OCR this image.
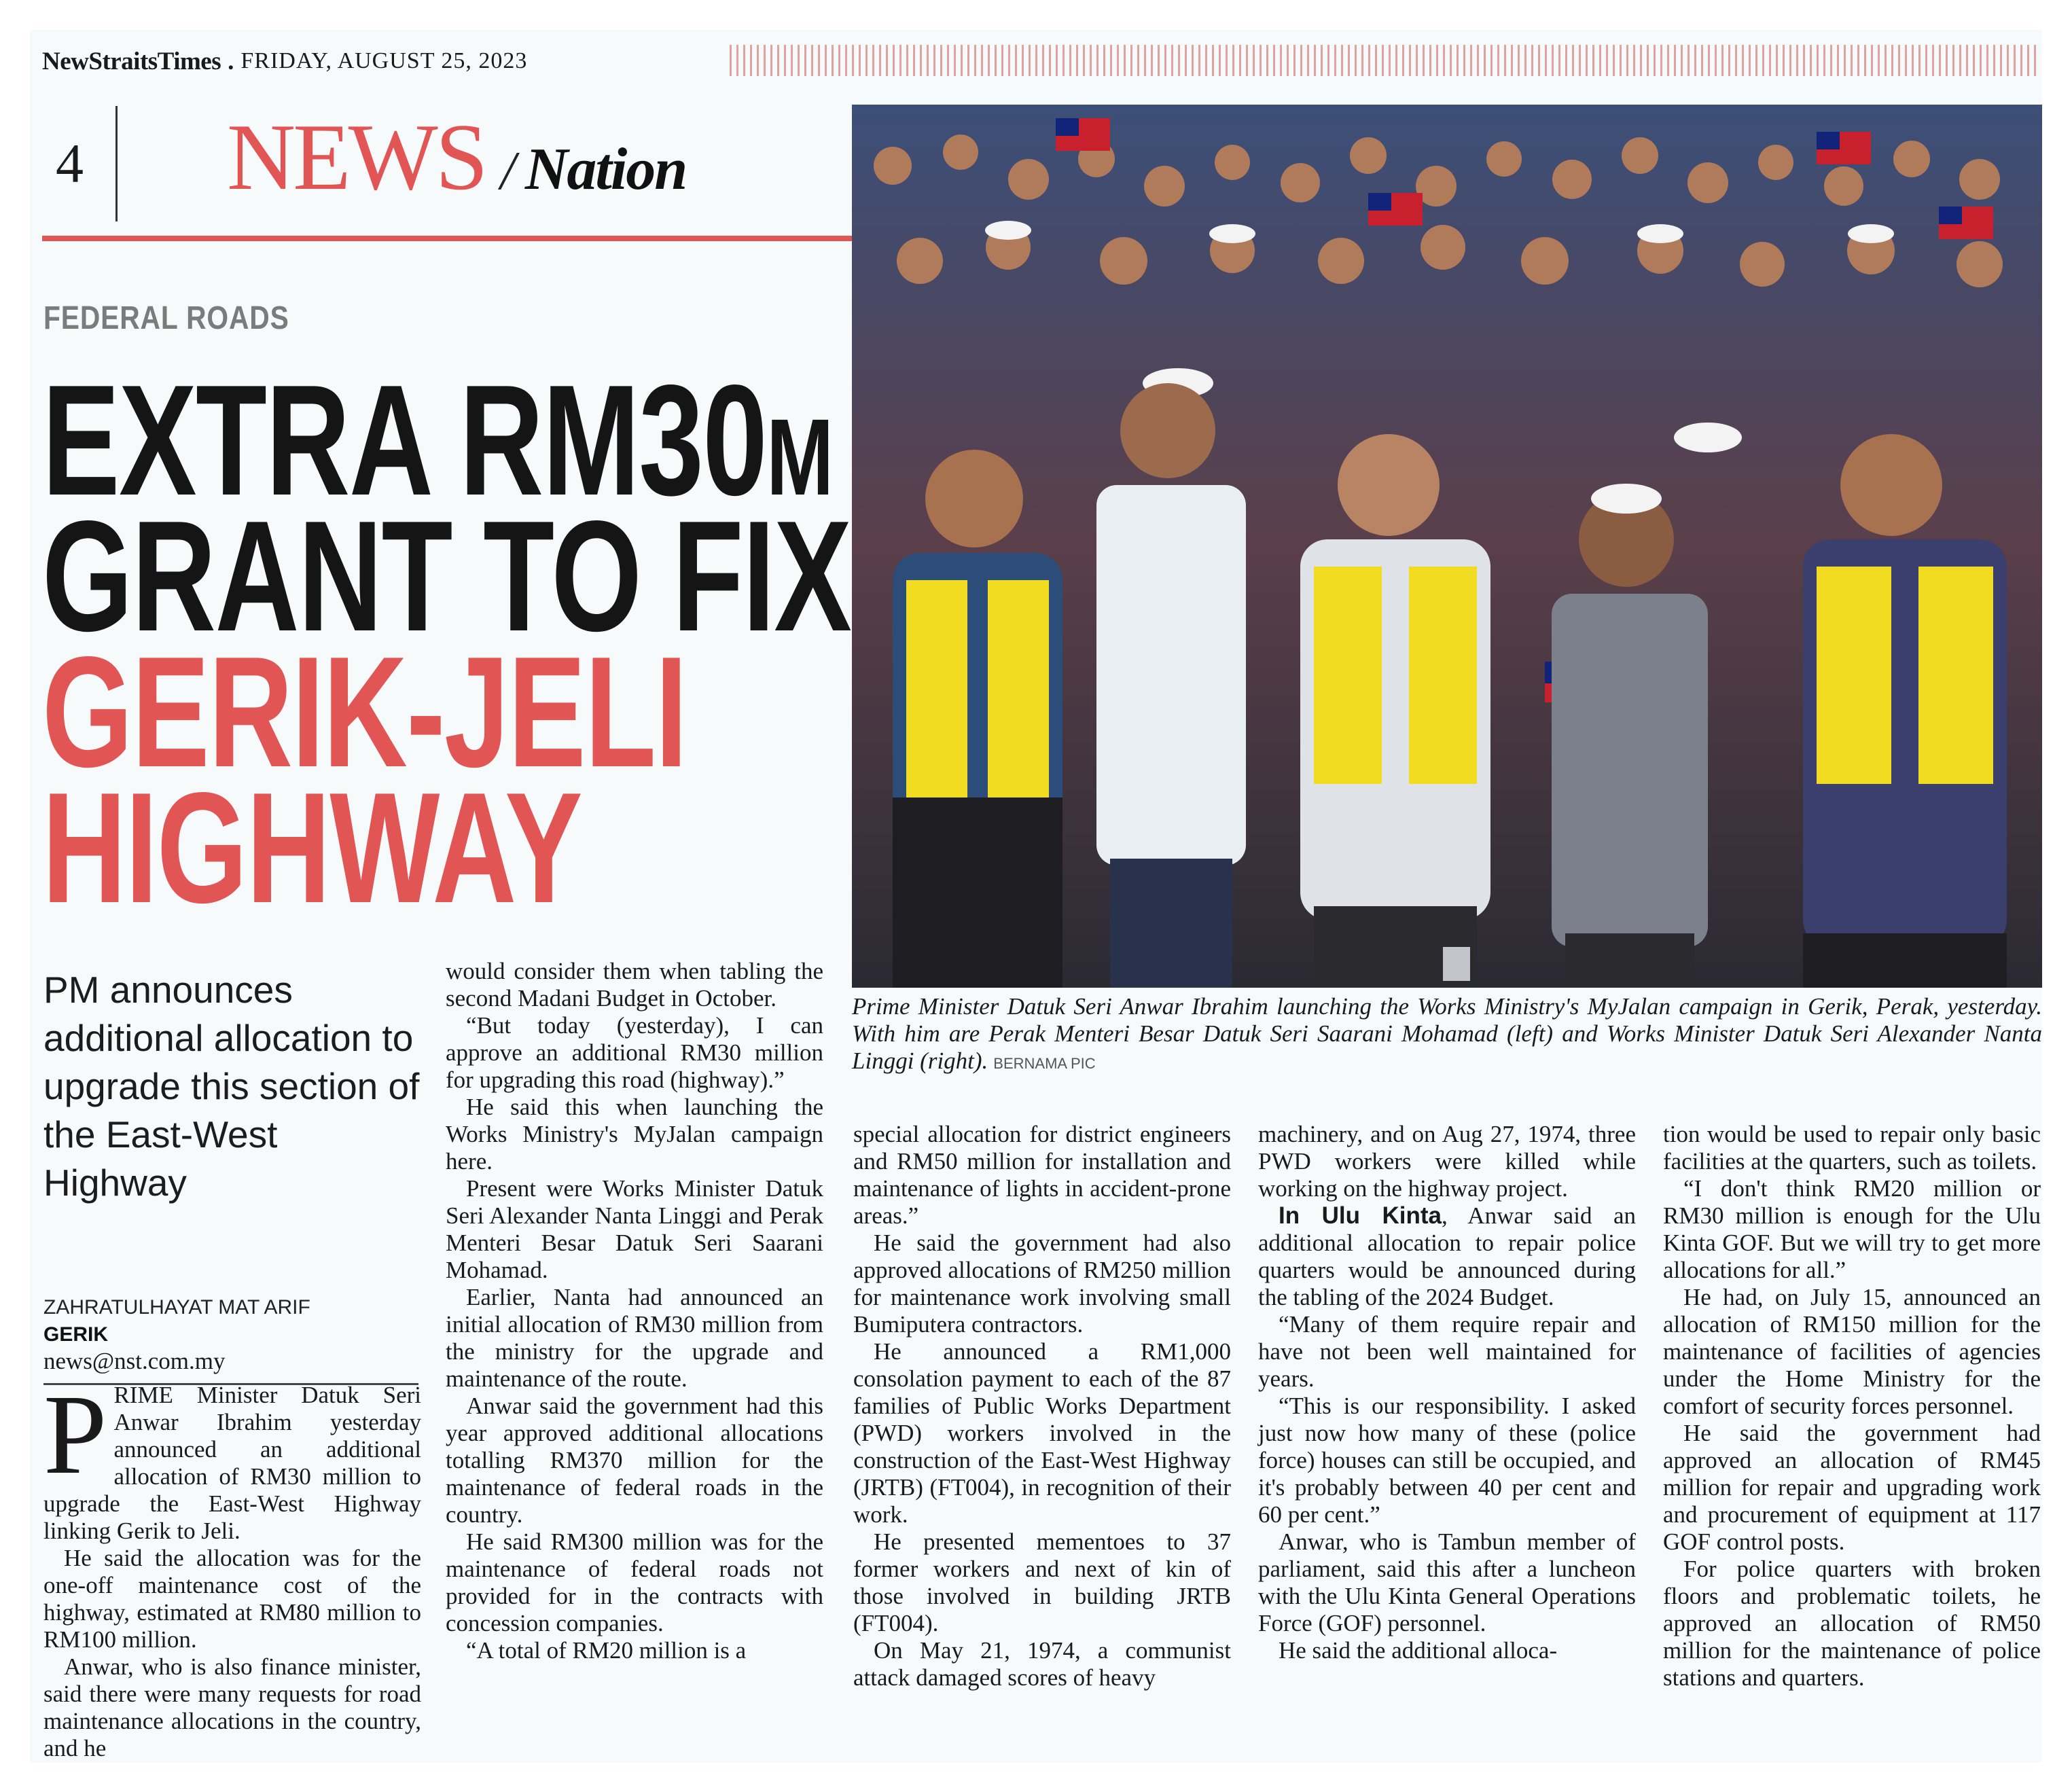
NewStraitsTimes . FRIDAY, AUGUST 25, 2023
4 NEWS / Nation
FEDERAL ROADS
EXTRA RM30M
GRANT TO FIX
GERIK-JELI
HIGHWAY
PM announces additional allocation to upgrade this section of the East-West Highway
ZAHRATULHAYAT MAT ARIF
GERIK
news@nst.com.my

PRIME Minister Datuk Seri Anwar Ibrahim yesterday announced an additional allocation of RM30 million to upgrade the East-West Highway linking Gerik to Jeli.

He said the allocation was for the one-off maintenance cost of the highway, estimated at RM80 million to RM100 million.

Anwar, who is also finance minister, said there were many requests for road maintenance allocations in the country, and he

would consider them when tabling the second Madani Budget in October.

“But today (yesterday), I can approve an additional RM30 million for upgrading this road (highway).”

He said this when launching the Works Ministry's MyJalan campaign here.

Present were Works Minister Datuk Seri Alexander Nanta Linggi and Perak Menteri Besar Datuk Seri Saarani Mohamad.

Earlier, Nanta had announced an initial allocation of RM30 million from the ministry for the upgrade and maintenance of the route.

Anwar said the government had this year approved additional allocations totalling RM370 million for the maintenance of federal roads in the country.

He said RM300 million was for the maintenance of federal roads not provided for in the contracts with concession companies.

“A total of RM20 million is a

Prime Minister Datuk Seri Anwar Ibrahim launching the Works Ministry's MyJalan campaign in Gerik, Perak, yesterday. With him are Perak Menteri Besar Datuk Seri Saarani Mohamad (left) and Works Minister Datuk Seri Alexander Nanta Linggi (right). BERNAMA PIC

special allocation for district engineers and RM50 million for installation and maintenance of lights in accident-prone areas.”

He said the government had also approved allocations of RM250 million for maintenance work involving small Bumiputera contractors.

He announced a RM1,000 consolation payment to each of the 87 families of Public Works Department (PWD) workers involved in the construction of the East-West Highway (JRTB) (FT004), in recognition of their work.

He presented mementoes to 37 former workers and next of kin of those involved in building JRTB (FT004).

On May 21, 1974, a communist attack damaged scores of heavy

machinery, and on Aug 27, 1974, three PWD workers were killed while working on the highway project.

In Ulu Kinta, Anwar said an additional allocation to repair police quarters would be announced during the tabling of the 2024 Budget.

“Many of them require repair and have not been well maintained for years.

“This is our responsibility. I asked just now how many of these (police force) houses can still be occupied, and it's probably between 40 per cent and 60 per cent.”

Anwar, who is Tambun member of parliament, said this after a luncheon with the Ulu Kinta General Operations Force (GOF) personnel.

He said the additional alloca-

tion would be used to repair only basic facilities at the quarters, such as toilets.

“I don't think RM20 million or RM30 million is enough for the Ulu Kinta GOF. But we will try to get more allocations for all.”

He had, on July 15, announced an allocation of RM150 million for the maintenance of facilities of agencies under the Home Ministry for the comfort of security forces personnel.

He said the government had approved an allocation of RM45 million for repair and upgrading work and procurement of equipment at 117 GOF control posts.

For police quarters with broken floors and problematic toilets, he approved an allocation of RM50 million for the maintenance of police stations and quarters.
